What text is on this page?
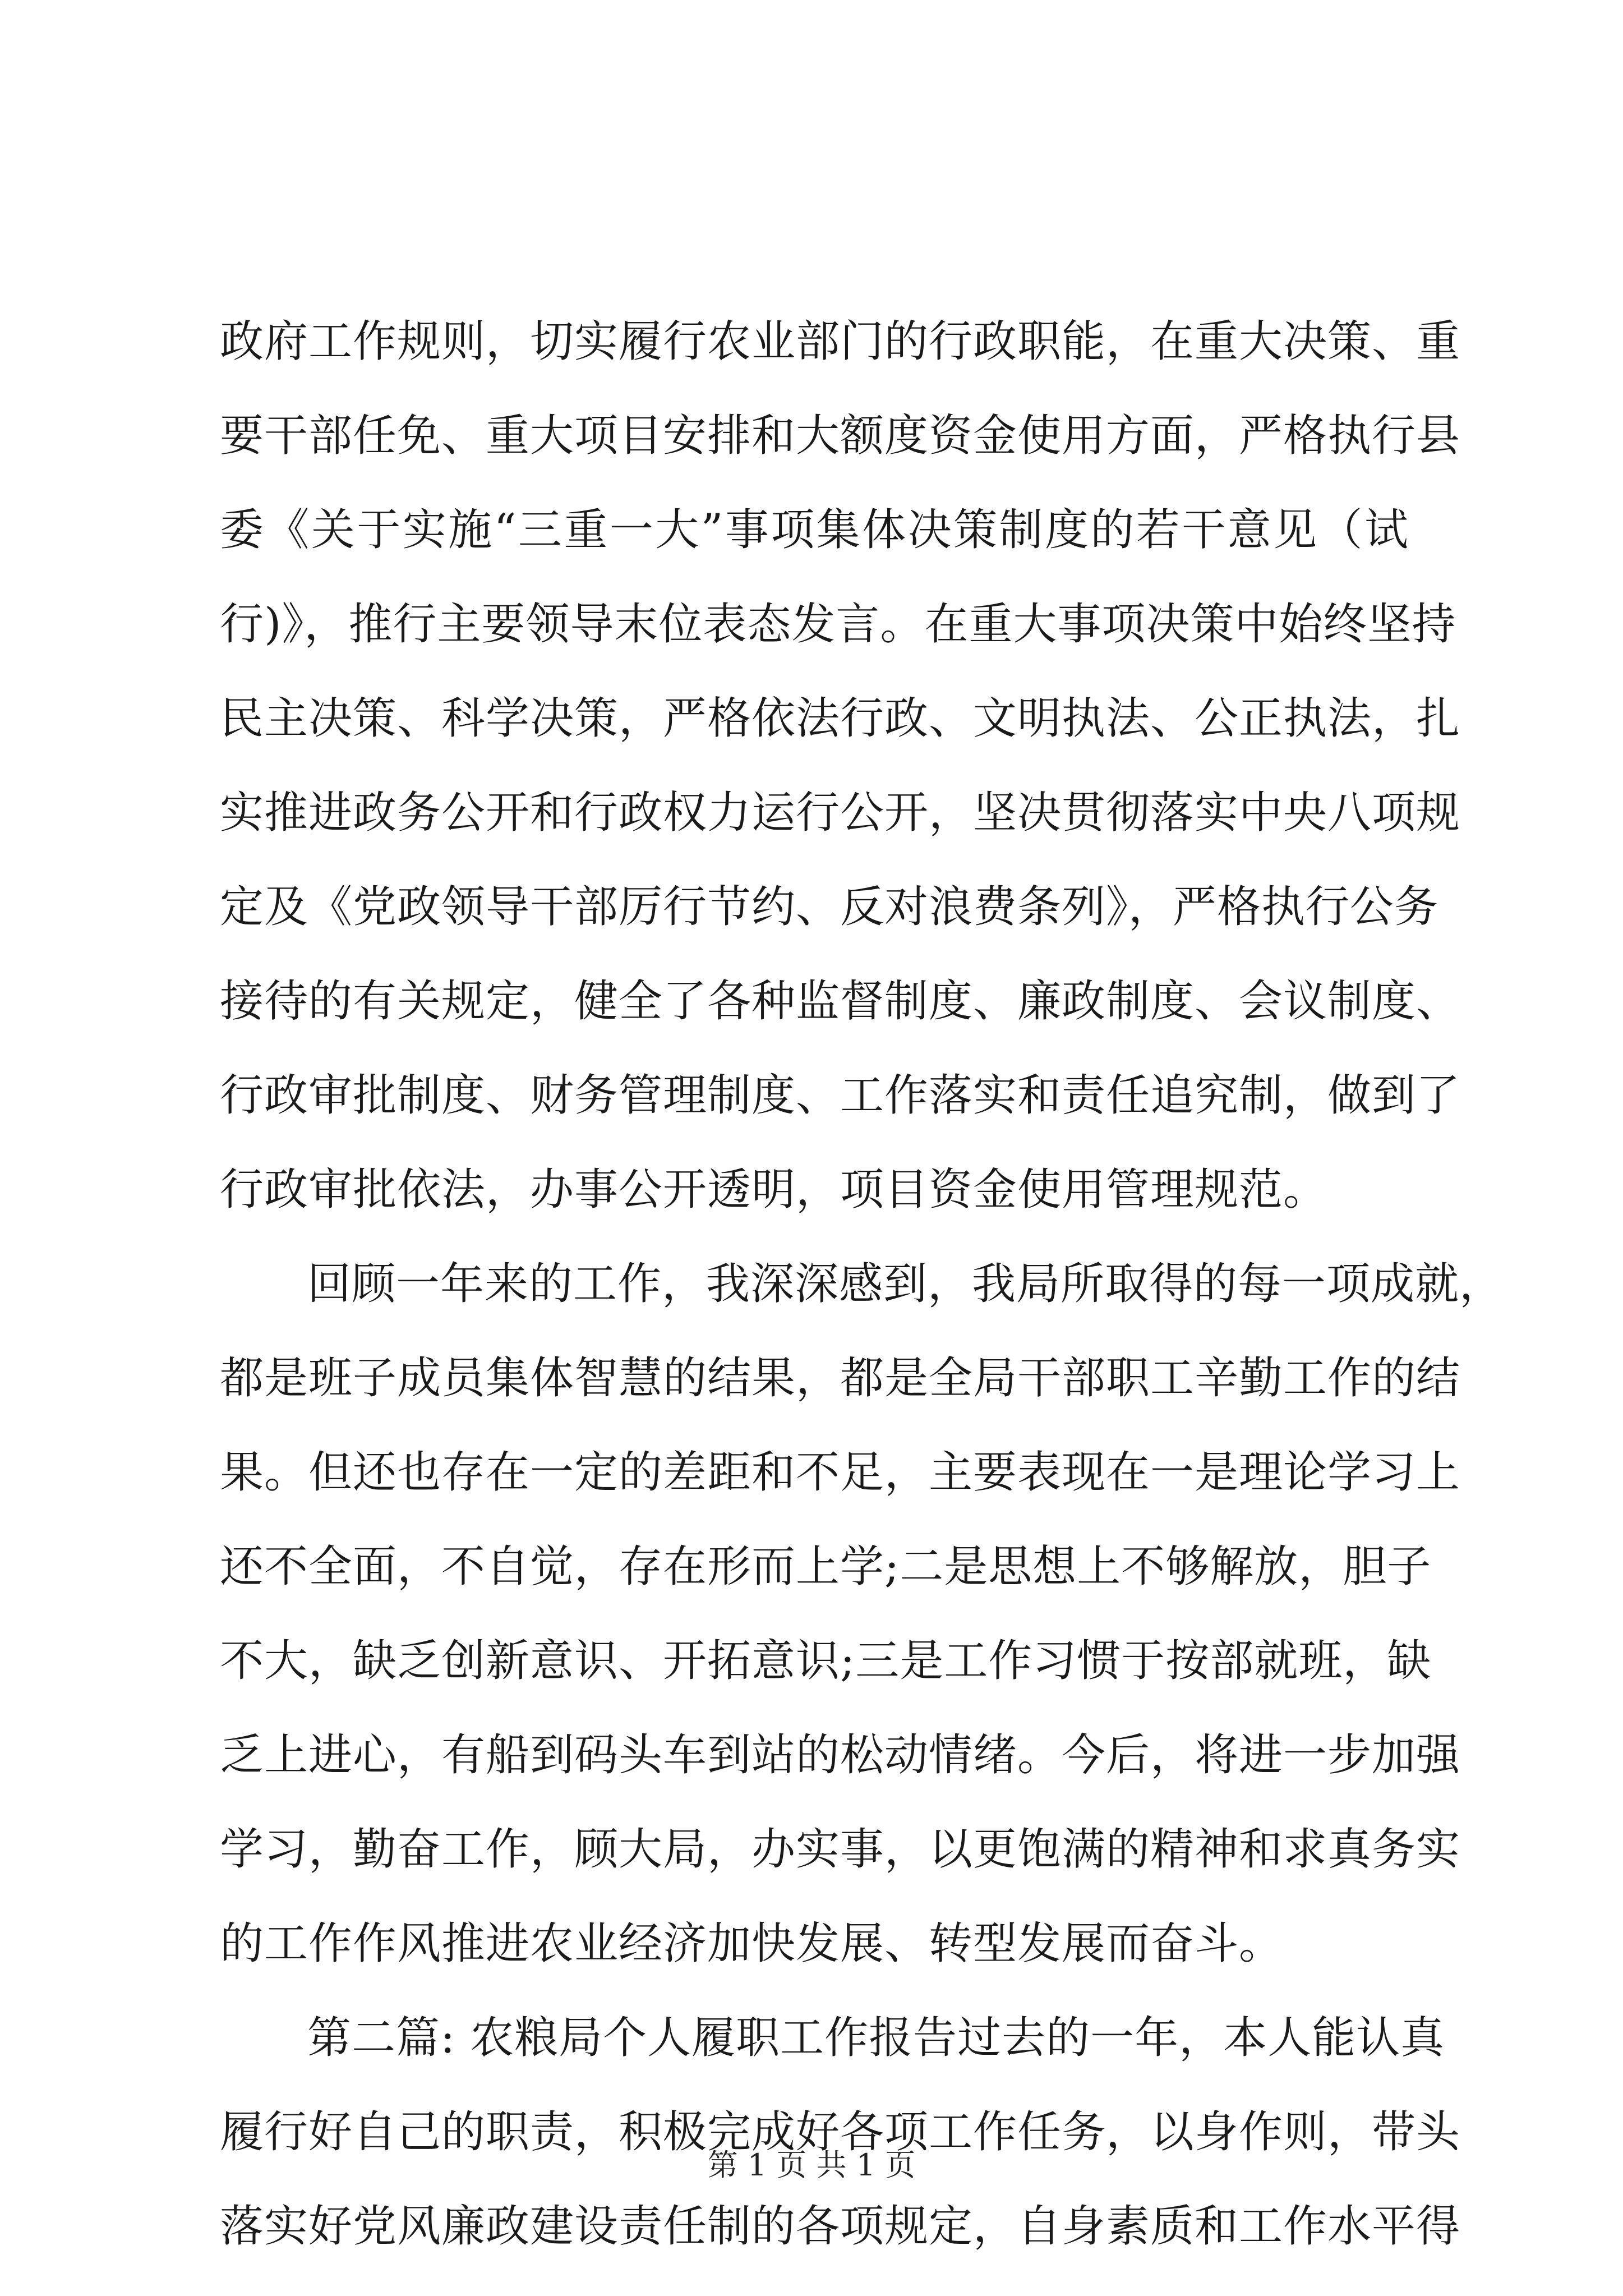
政府工作规则，切实履行农业部门的行政职能，在重大决策、重
要干部任免、重大项目安排和大额度资金使用方面，严格执行县
委《关于实施“三重一大”事项集体决策制度的若干意见（试
行)》，推行主要领导末位表态发言。在重大事项决策中始终坚持
民主决策、科学决策，严格依法行政、文明执法、公正执法，扎
实推进政务公开和行政权力运行公开，坚决贯彻落实中央八项规
定及《党政领导干部厉行节约、反对浪费条列》，严格执行公务
接待的有关规定，健全了各种监督制度、廉政制度、会议制度、
行政审批制度、财务管理制度、工作落实和责任追究制，做到了
行政审批依法，办事公开透明，项目资金使用管理规范。
回顾一年来的工作，我深深感到，我局所取得的每一项成就，
都是班子成员集体智慧的结果，都是全局干部职工辛勤工作的结
果。但还也存在一定的差距和不足，主要表现在一是理论学习上
还不全面，不自觉，存在形而上学;二是思想上不够解放，胆子
不大，缺乏创新意识、开拓意识;三是工作习惯于按部就班，缺
乏上进心，有船到码头车到站的松动情绪。今后，将进一步加强
学习，勤奋工作，顾大局，办实事，以更饱满的精神和求真务实
的工作作风推进农业经济加快发展、转型发展而奋斗。
第二篇: 农粮局个人履职工作报告过去的一年，本人能认真
履行好自己的职责，积极完成好各项工作任务，以身作则，带头
落实好党风廉政建设责任制的各项规定，自身素质和工作水平得
第 1 页 共 1 页
